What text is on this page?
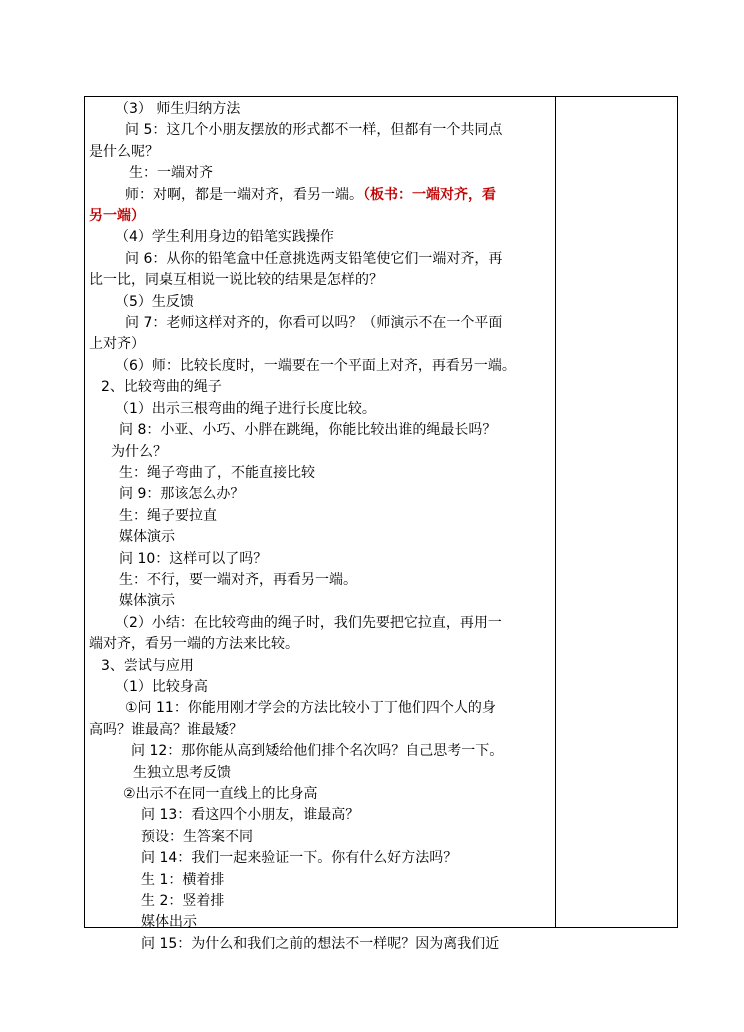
（3） 师生归纳方法
问 5：这几个小朋友摆放的形式都不一样，但都有一个共同点
是什么呢？
生：一端对齐
师：对啊，都是一端对齐，看另一端。（板书：一端对齐，看
另一端）
（4）学生利用身边的铅笔实践操作
问 6：从你的铅笔盒中任意挑选两支铅笔使它们一端对齐，再
比一比，同桌互相说一说比较的结果是怎样的？
（5）生反馈
问 7：老师这样对齐的，你看可以吗？（师演示不在一个平面
上对齐）
（6）师：比较长度时，一端要在一个平面上对齐，再看另一端。
2、比较弯曲的绳子
（1）出示三根弯曲的绳子进行长度比较。
问 8：小亚、小巧、小胖在跳绳，你能比较出谁的绳最长吗？
为什么？
生：绳子弯曲了，不能直接比较
问 9：那该怎么办？
生：绳子要拉直
媒体演示
问 10：这样可以了吗？
生：不行，要一端对齐，再看另一端。
媒体演示
（2）小结：在比较弯曲的绳子时，我们先要把它拉直，再用一
端对齐，看另一端的方法来比较。
3、尝试与应用
（1）比较身高
①问 11：你能用刚才学会的方法比较小丁丁他们四个人的身
高吗？谁最高？谁最矮？
问 12：那你能从高到矮给他们排个名次吗？自己思考一下。
生独立思考反馈
②出示不在同一直线上的比身高
问 13：看这四个小朋友，谁最高？
预设：生答案不同
问 14：我们一起来验证一下。你有什么好方法吗？
生 1：横着排
生 2：竖着排
媒体出示
问 15：为什么和我们之前的想法不一样呢？因为离我们近
